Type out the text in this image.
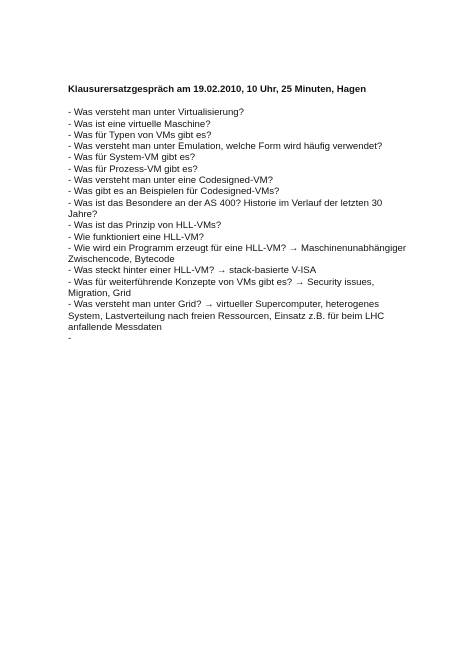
Klausurersatzgespräch am 19.02.2010, 10 Uhr, 25 Minuten, Hagen
- Was versteht man unter Virtualisierung?
- Was ist eine virtuelle Maschine?
- Was für Typen von VMs gibt es?
- Was versteht man unter Emulation, welche Form wird häufig verwendet?
- Was für System-VM gibt es?
- Was für Prozess-VM gibt es?
- Was versteht man unter eine Codesigned-VM?
- Was gibt es an Beispielen für Codesigned-VMs?
- Was ist das Besondere an der AS 400? Historie im Verlauf der letzten 30 Jahre?
- Was ist das Prinzip von HLL-VMs?
- Wie funktioniert eine HLL-VM?
- Wie wird ein Programm erzeugt für eine HLL-VM? → Maschinenunabhängiger Zwischencode, Bytecode
- Was steckt hinter einer HLL-VM? → stack-basierte V-ISA
- Was für weiterführende Konzepte von VMs gibt es? → Security issues, Migration, Grid
- Was versteht man unter Grid? → virtueller Supercomputer, heterogenes System, Lastverteilung nach freien Ressourcen, Einsatz z.B. für beim LHC anfallende Messdaten
-
